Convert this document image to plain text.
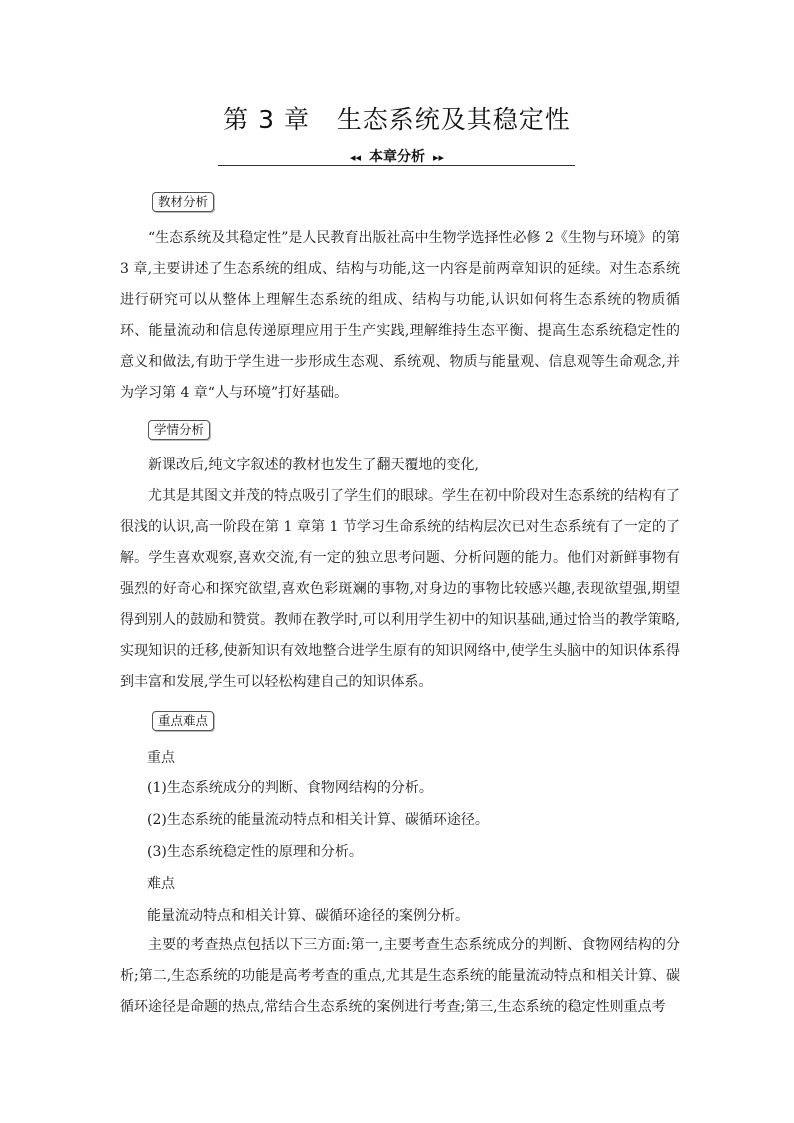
第 3 章   生态系统及其稳定性
◂◂ 本章分析 ▸▸
教材分析

“生态系统及其稳定性”是人民教育出版社高中生物学选择性必修 2《生物与环境》的第 3 章,主要讲述了生态系统的组成、结构与功能,这一内容是前两章知识的延续。对生态系统进行研究可以从整体上理解生态系统的组成、结构与功能,认识如何将生态系统的物质循环、能量流动和信息传递原理应用于生产实践,理解维持生态平衡、提高生态系统稳定性的意义和做法,有助于学生进一步形成生态观、系统观、物质与能量观、信息观等生命观念,并为学习第 4 章“人与环境”打好基础。

学情分析

新课改后,纯文字叙述的教材也发生了翻天覆地的变化,

尤其是其图文并茂的特点吸引了学生们的眼球。学生在初中阶段对生态系统的结构有了很浅的认识,高一阶段在第 1 章第 1 节学习生命系统的结构层次已对生态系统有了一定的了解。学生喜欢观察,喜欢交流,有一定的独立思考问题、分析问题的能力。他们对新鲜事物有强烈的好奇心和探究欲望,喜欢色彩斑斓的事物,对身边的事物比较感兴趣,表现欲望强,期望得到别人的鼓励和赞赏。教师在教学时,可以利用学生初中的知识基础,通过恰当的教学策略,实现知识的迁移,使新知识有效地整合进学生原有的知识网络中,使学生头脑中的知识体系得到丰富和发展,学生可以轻松构建自己的知识体系。

重点难点
重点
(1)生态系统成分的判断、食物网结构的分析。
(2)生态系统的能量流动特点和相关计算、碳循环途径。
(3)生态系统稳定性的原理和分析。
难点
能量流动特点和相关计算、碳循环途径的案例分析。

主要的考查热点包括以下三方面:第一,主要考查生态系统成分的判断、食物网结构的分析;第二,生态系统的功能是高考考查的重点,尤其是生态系统的能量流动特点和相关计算、碳循环途径是命题的热点,常结合生态系统的案例进行考查;第三,生态系统的稳定性则重点考
